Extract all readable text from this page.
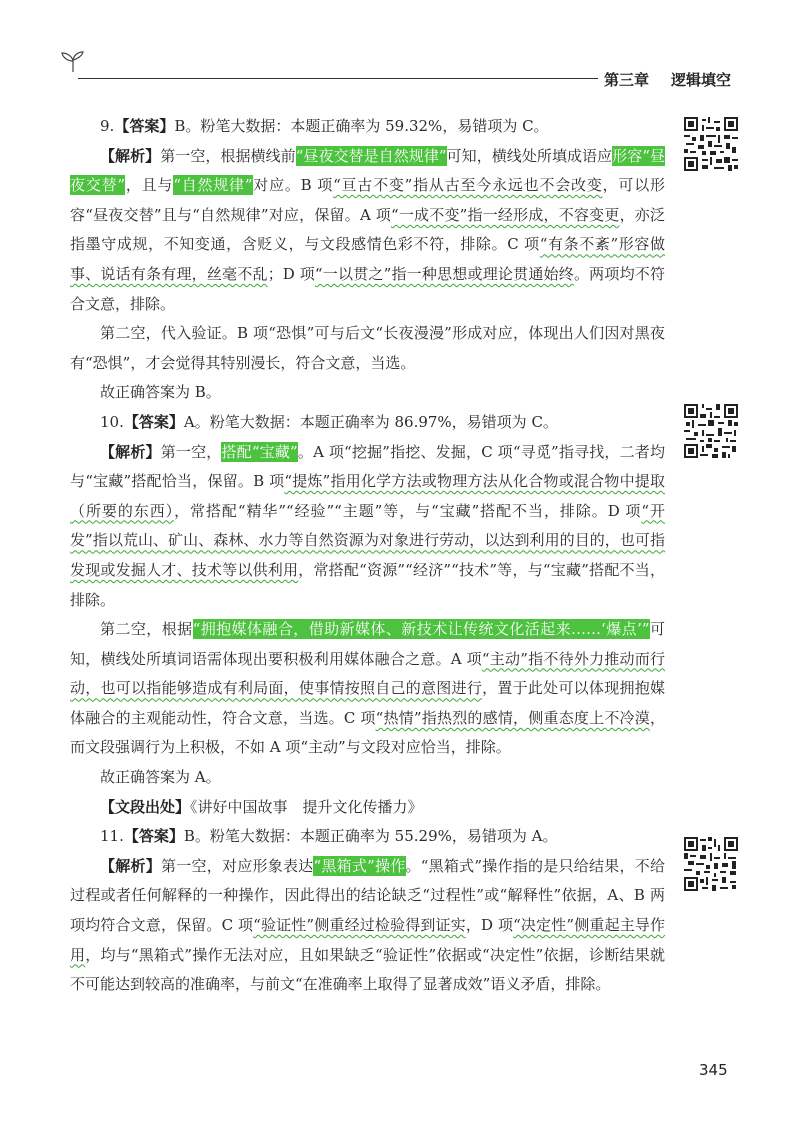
第三章 逻辑填空

9.【答案】B。粉笔大数据：本题正确率为 59.32%，易错项为 C。

【解析】第一空，根据横线前“昼夜交替是自然规律”可知，横线处所填成语应形容“昼夜交替”，且与“自然规律”对应。B 项“亘古不变”指从古至今永远也不会改变，可以形容“昼夜交替”且与“自然规律”对应，保留。A 项“一成不变”指一经形成，不容变更，亦泛指墨守成规，不知变通，含贬义，与文段感情色彩不符，排除。C 项“有条不紊”形容做事、说话有条有理，丝毫不乱；D 项“一以贯之”指一种思想或理论贯通始终。两项均不符合文意，排除。

第二空，代入验证。B 项“恐惧”可与后文“长夜漫漫”形成对应，体现出人们因对黑夜有“恐惧”，才会觉得其特别漫长，符合文意，当选。

故正确答案为 B。

10.【答案】A。粉笔大数据：本题正确率为 86.97%，易错项为 C。

【解析】第一空，搭配“宝藏”。A 项“挖掘”指挖、发掘，C 项“寻觅”指寻找，二者均与“宝藏”搭配恰当，保留。B 项“提炼”指用化学方法或物理方法从化合物或混合物中提取（所要的东西），常搭配“精华”“经验”“主题”等，与“宝藏”搭配不当，排除。D 项“开发”指以荒山、矿山、森林、水力等自然资源为对象进行劳动，以达到利用的目的，也可指发现或发掘人才、技术等以供利用，常搭配“资源”“经济”“技术”等，与“宝藏”搭配不当，排除。

第二空，根据“拥抱媒体融合，借助新媒体、新技术让传统文化活起来……‘爆点’”可知，横线处所填词语需体现出要积极利用媒体融合之意。A 项“主动”指不待外力推动而行动，也可以指能够造成有利局面，使事情按照自己的意图进行，置于此处可以体现拥抱媒体融合的主观能动性，符合文意，当选。C 项“热情”指热烈的感情，侧重态度上不冷漠，而文段强调行为上积极，不如 A 项“主动”与文段对应恰当，排除。

故正确答案为 A。

【文段出处】《讲好中国故事　提升文化传播力》

11.【答案】B。粉笔大数据：本题正确率为 55.29%，易错项为 A。

【解析】第一空，对应形象表达“黑箱式”操作。“黑箱式”操作指的是只给结果，不给过程或者任何解释的一种操作，因此得出的结论缺乏“过程性”或“解释性”依据，A、B 两项均符合文意，保留。C 项“验证性”侧重经过检验得到证实，D 项“决定性”侧重起主导作用，均与“黑箱式”操作无法对应，且如果缺乏“验证性”依据或“决定性”依据，诊断结果就不可能达到较高的准确率，与前文“在准确率上取得了显著成效”语义矛盾，排除。

345
